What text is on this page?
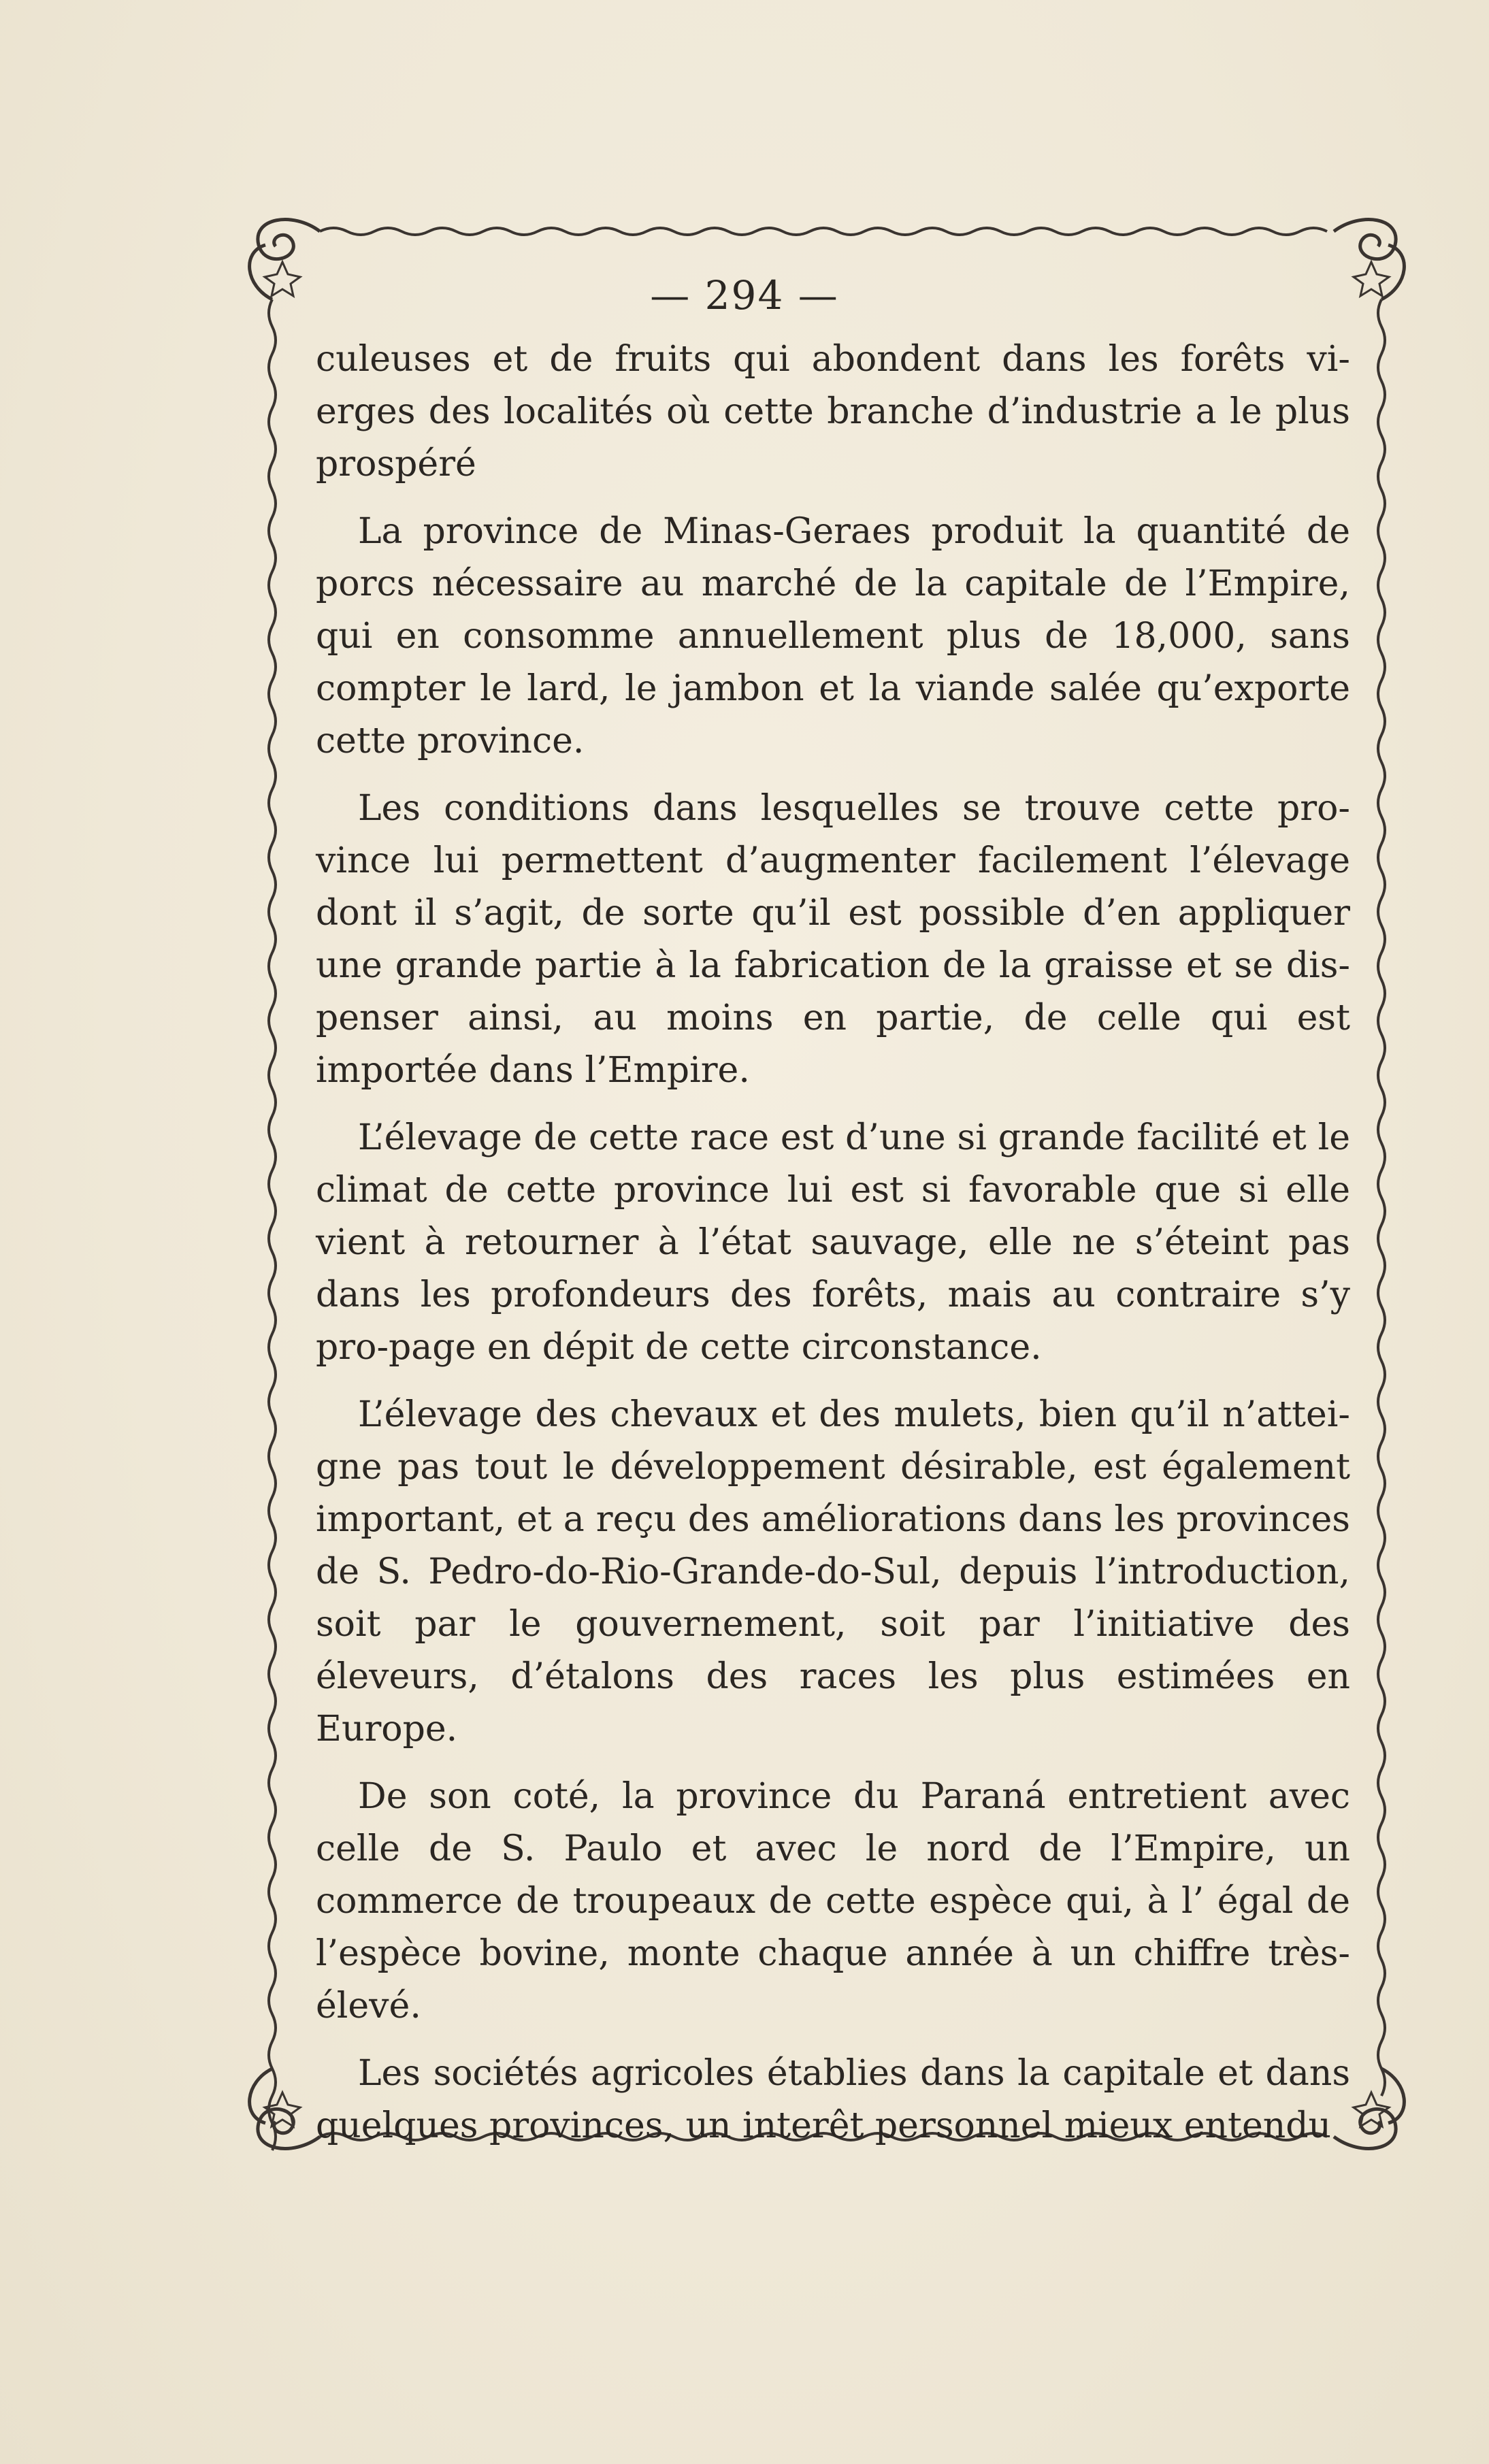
— 294 —

culeuses et de fruits qui abondent dans les forêts vi-erges des localités où cette branche d’industrie a le plus prospéré

La province de Minas-Geraes produit la quantité de porcs nécessaire au marché de la capitale de l’Empire, qui en consomme annuellement plus de 18,000, sans compter le lard, le jambon et la viande salée qu’exporte cette province.

Les conditions dans lesquelles se trouve cette pro-vince lui permettent d’augmenter facilement l’élevage dont il s’agit, de sorte qu’il est possible d’en appliquer une grande partie à la fabrication de la graisse et se dis-penser ainsi, au moins en partie, de celle qui est importée dans l’Empire.

L’élevage de cette race est d’une si grande facilité et le climat de cette province lui est si favorable que si elle vient à retourner à l’état sauvage, elle ne s’éteint pas dans les profondeurs des forêts, mais au contraire s’y pro-page en dépit de cette circonstance.

L’élevage des chevaux et des mulets, bien qu’il n’attei-gne pas tout le développement désirable, est également important, et a reçu des améliorations dans les provinces de S. Pedro-do-Rio-Grande-do-Sul, depuis l’introduction, soit par le gouvernement, soit par l’initiative des éleveurs, d’étalons des races les plus estimées en Europe.

De son coté, la province du Paraná entretient avec celle de S. Paulo et avec le nord de l’Empire, un commerce de troupeaux de cette espèce qui, à l’ égal de l’espèce bovine, monte chaque année à un chiffre très-élevé.

Les sociétés agricoles établies dans la capitale et dans quelques provinces, un interêt personnel mieux entendu
